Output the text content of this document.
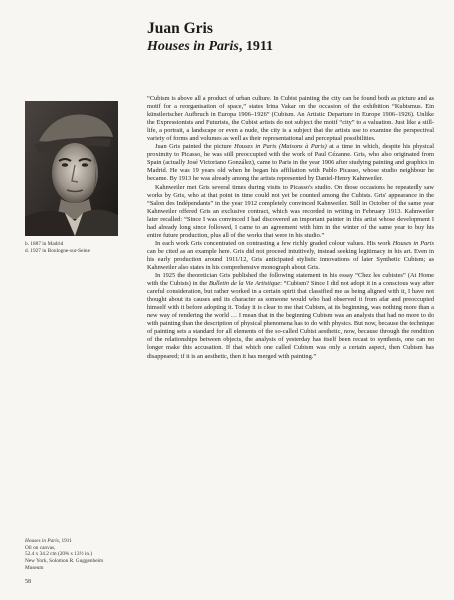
Juan Gris
Houses in Paris, 1911
b. 1887 in Madrid
d. 1927 in Boulogne-sur-Seine

“Cubism is above all a product of urban culture. In Cubist painting the city can be found both as picture and as motif for a reorganisation of space,” states Irina Vakar on the occasion of the exhibition “Kubismus. Ein künstlerischer Aufbruch in Europa 1906–1926” (Cubism. An Artistic Departure in Europe 1906–1926). Unlike the Expressionists and Futurists, the Cubist artists do not subject the motif “city” to a valuation. Just like a still-life, a portrait, a landscape or even a nude, the city is a subject that the artists use to examine the perspectival variety of forms and volumes as well as their representational and perceptual possibilities.

Juan Gris painted the picture Houses in Paris (Maisons à Paris) at a time in which, despite his physical proximity to Picasso, he was still preoccupied with the work of Paul Cézanne. Gris, who also originated from Spain (actually José Victoriano González), came to Paris in the year 1906 after studying painting and graphics in Madrid. He was 19 years old when he began his affiliation with Pablo Picasso, whose studio neighbour he became. By 1913 he was already among the artists represented by Daniel-Henry Kahnweiler.

Kahnweiler met Gris several times during visits to Picasso's studio. On those occasions he repeatedly saw works by Gris, who at that point in time could not yet be counted among the Cubists. Gris' appearance in the “Salon des Indépendants” in the year 1912 completely convinced Kahnweiler. Still in October of the same year Kahnweiler offered Gris an exclusive contract, which was recorded in writing in February 1913. Kahnweiler later recalled: “Since I was convinced I had discovered an important painter in this artist whose development I had already long since followed, I came to an agreement with him in the winter of the same year to buy his entire future production, plus all of the works that were in his studio.”

In each work Gris concentrated on contrasting a few richly graded colour values. His work Houses in Paris can be cited as an example here. Gris did not proceed intuitively, instead seeking legitimacy in his art. Even in his early production around 1911/12, Gris anticipated stylistic innovations of later Synthetic Cubism; as Kahnweiler also states in his comprehensive monograph about Gris.

In 1925 the theoretician Gris published the following statement in his essay “Chez les cubistes” (At Home with the Cubists) in the Bulletin de la Vie Artistique: “Cubism? Since I did not adopt it in a conscious way after careful consideration, but rather worked in a certain spirit that classified me as being aligned with it, I have not thought about its causes and its character as someone would who had observed it from afar and preoccupied himself with it before adopting it. Today it is clear to me that Cubism, at its beginning, was nothing more than a new way of rendering the world … I mean that in the beginning Cubism was an analysis that had no more to do with painting than the description of physical phenomena has to do with physics. But now, because the technique of painting sets a standard for all elements of the so-called Cubist aesthetic, now, because through the rendition of the relationships between objects, the analysis of yesterday has itself been recast to synthesis, one can no longer make this accusation. If that which one called Cubism was only a certain aspect, then Cubism has disappeared; if it is an aesthetic, then it has merged with painting.”

Houses in Paris, 1911
Oil on canvas,
52.4 x 34.2 cm (20⅝ x 13½ in.)
New York, Solomon R. Guggenheim
Museum
58
